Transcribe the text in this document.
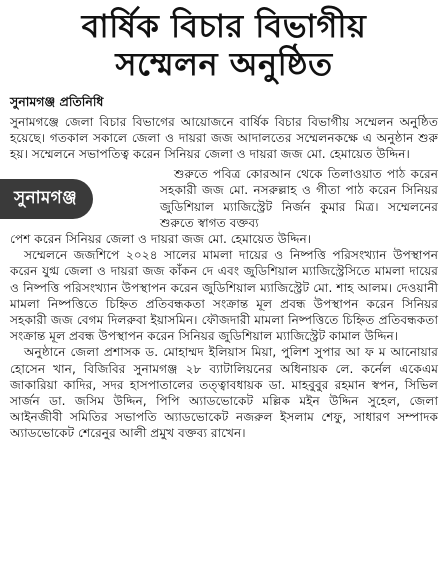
বার্ষিক বিচার বিভাগীয়
সম্মেলন অনুষ্ঠিত
সুনামগঞ্জ প্রতিনিধি

সুনামগঞ্জে জেলা বিচার বিভাগের আয়োজনে বার্ষিক বিচার বিভাগীয় সম্মেলন অনুষ্ঠিত হয়েছে। গতকাল সকালে জেলা ও দায়রা জজ আদালতের সম্মেলনকক্ষে এ অনুষ্ঠান শুরু হয়। সম্মেলনে সভাপতিত্ব করেন সিনিয়র জেলা ও দায়রা জজ মো. হেমায়েত উদ্দিন।

সুনামগঞ্জ

শুরুতে পবিত্র কোরআন থেকে তিলাওয়াত পাঠ করেন সহকারী জজ মো. নসরুল্লাহ ও গীতা পাঠ করেন সিনিয়র জুডিশিয়াল ম্যাজিস্ট্রেট নির্জন কুমার মিত্র। সম্মেলনের শুরুতে স্বাগত বক্তব্য

পেশ করেন সিনিয়র জেলা ও দায়রা জজ মো. হেমায়েত উদ্দিন।

সম্মেলনে জজশিপে ২০২৪ সালের মামলা দায়ের ও নিষ্পত্তি পরিসংখ্যান উপস্থাপন করেন যুগ্ম জেলা ও দায়রা জজ কাঁকন দে এবং জুডিশিয়াল ম্যাজিস্ট্রেসিতে মামলা দায়ের ও নিষ্পত্তি পরিসংখ্যান উপস্থাপন করেন জুডিশিয়াল ম্যাজিস্ট্রেট মো. শাহ আলম। দেওয়ানী মামলা নিষ্পত্তিতে চিহ্নিত প্রতিবন্ধকতা সংক্রান্ত মূল প্রবন্ধ উপস্থাপন করেন সিনিয়র সহকারী জজ বেগম দিলরুবা ইয়াসমিন। ফৌজদারী মামলা নিষ্পত্তিতে চিহ্নিত প্রতিবন্ধকতা সংক্রান্ত মূল প্রবন্ধ উপস্থাপন করেন সিনিয়র জুডিশিয়াল ম্যাজিস্ট্রেট কামাল উদ্দিন।

অনুষ্ঠানে জেলা প্রশাসক ড. মোহাম্মদ ইলিয়াস মিয়া, পুলিশ সুপার আ ফ ম আনোয়ার হোসেন খান, বিজিবির সুনামগঞ্জ ২৮ ব্যাটালিয়নের অধিনায়ক লে. কর্নেল একেএম জাকারিয়া কাদির, সদর হাসপাতালের তত্ত্বাবধায়ক ডা. মাহবুবুর রহমান স্বপন, সিভিল সার্জন ডা. জসিম উদ্দিন, পিপি অ্যাডভোকেট মল্লিক মইন উদ্দিন সুহেল, জেলা আইনজীবী সমিতির সভাপতি অ্যাডভোকেট নজরুল ইসলাম শেফু, সাধারণ সম্পাদক অ্যাডভোকেট শেরেনুর আলী প্রমুখ বক্তব্য রাখেন।
